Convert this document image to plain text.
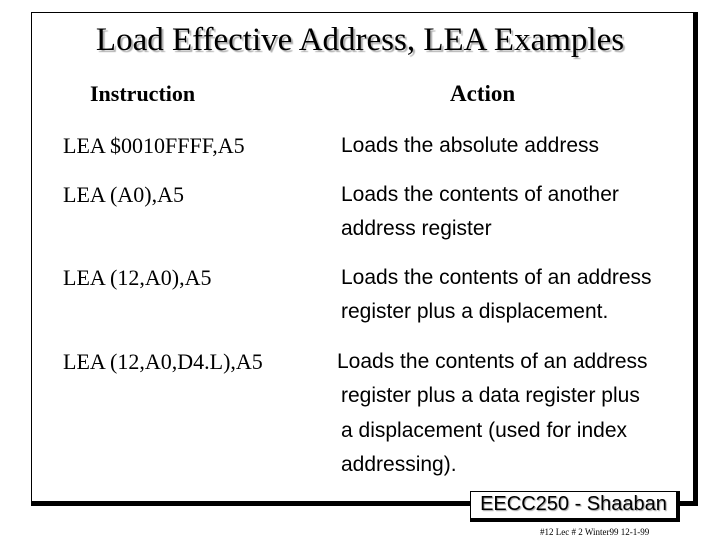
Load Effective Address, LEA Examples
Instruction	Action
LEA $0010FFFF,A5	Loads the absolute address
LEA (A0),A5	Loads the contents of another
address register
LEA (12,A0),A5	Loads the contents of an address
register plus a displacement.
LEA (12,A0,D4.L),A5	Loads the contents of an address
register plus a data register plus
a displacement (used for index
addressing).
EECC250 - Shaaban
#12 Lec # 2 Winter99 12-1-99
